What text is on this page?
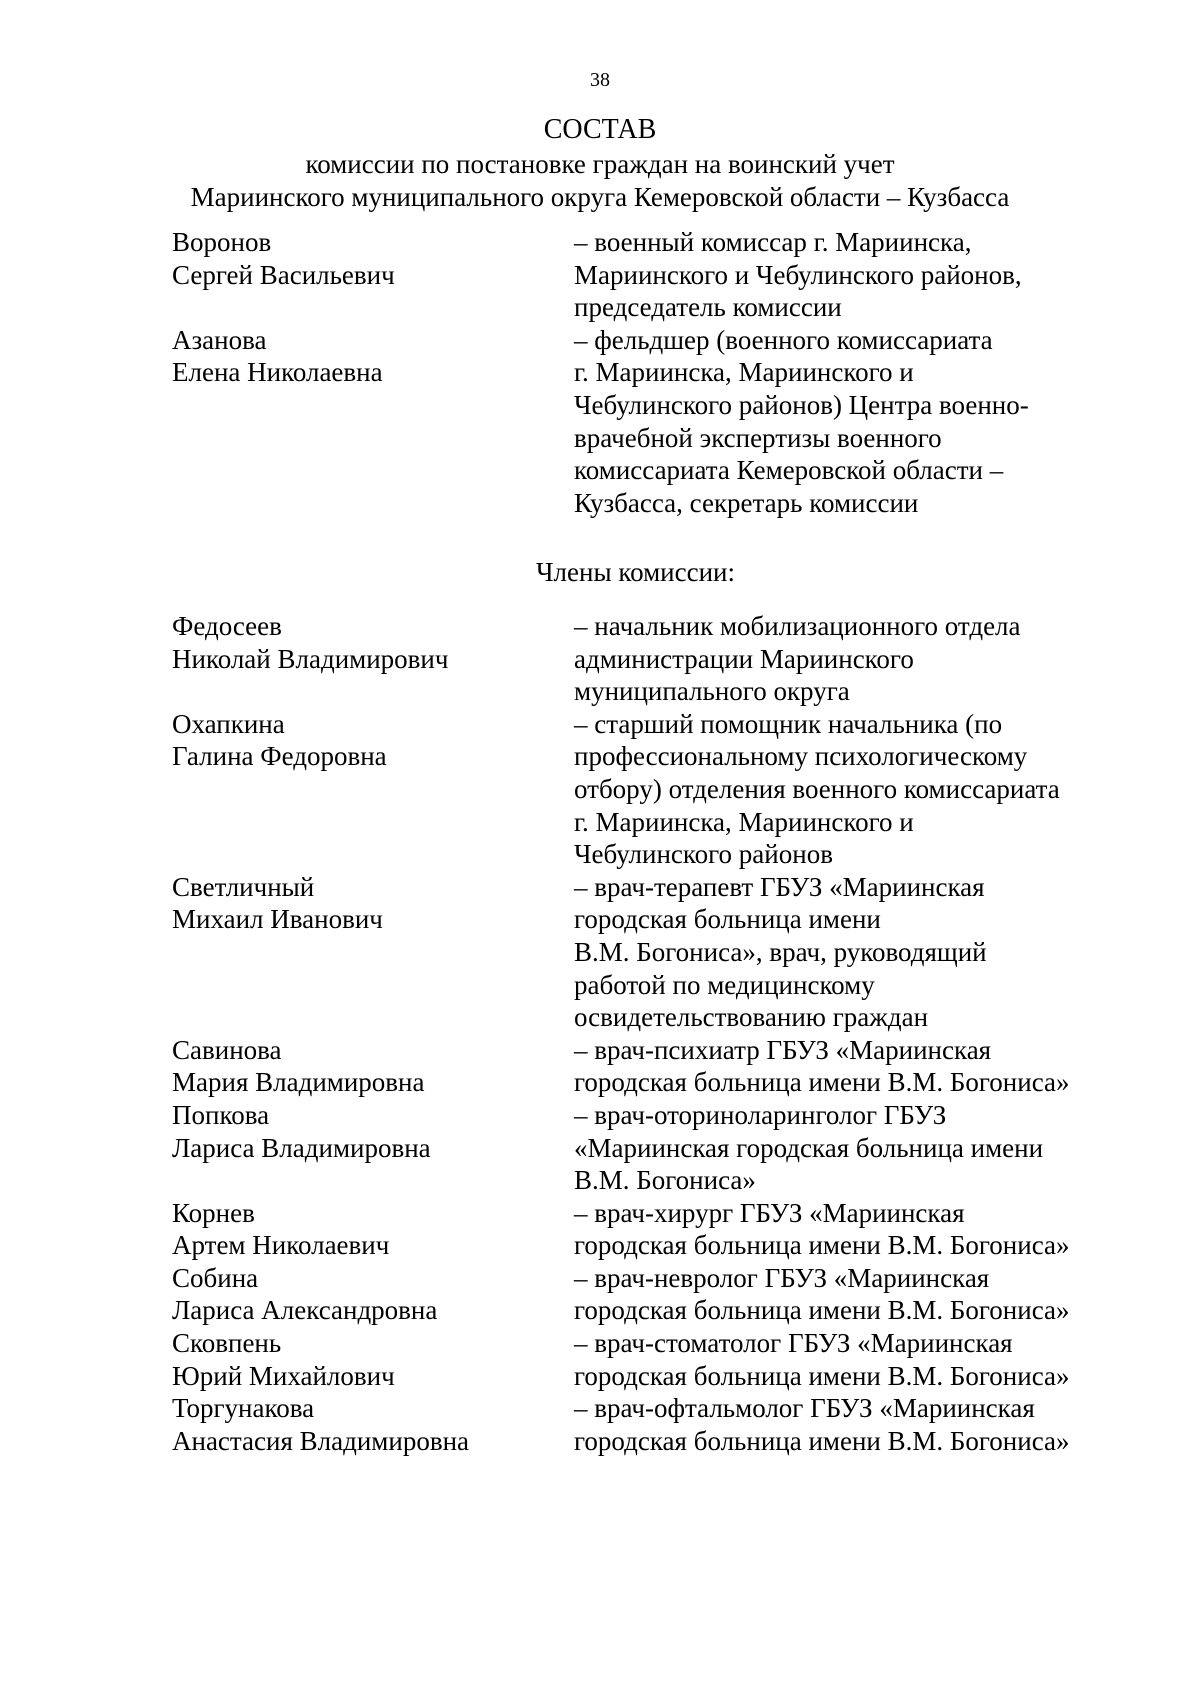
38
СОСТАВ
комиссии по постановке граждан на воинский учет
Мариинского муниципального округа Кемеровской области – Кузбасса
Воронов
Сергей Васильевич
– военный комиссар г. Мариинска,
Мариинского и Чебулинского районов,
председатель комиссии
Азанова
Елена Николаевна
– фельдшер (военного комиссариата
г. Мариинска, Мариинского и
Чебулинского районов) Центра военно-
врачебной экспертизы военного
комиссариата Кемеровской области –
Кузбасса, секретарь комиссии
Члены комиссии:
Федосеев
Николай Владимирович
– начальник мобилизационного отдела
администрации Мариинского
муниципального округа
Охапкина
Галина Федоровна
– старший помощник начальника (по
профессиональному психологическому
отбору) отделения военного комиссариата
г. Мариинска, Мариинского и
Чебулинского районов
Светличный
Михаил Иванович
– врач-терапевт ГБУЗ «Мариинская
городская больница имени
В.М. Богониса», врач, руководящий
работой по медицинскому
освидетельствованию граждан
Савинова
Мария Владимировна
– врач-психиатр ГБУЗ «Мариинская
городская больница имени В.М. Богониса»
Попкова
Лариса Владимировна
– врач-оториноларинголог ГБУЗ
«Мариинская городская больница имени
В.М. Богониса»
Корнев
Артем Николаевич
– врач-хирург ГБУЗ «Мариинская
городская больница имени В.М. Богониса»
Собина
Лариса Александровна
– врач-невролог ГБУЗ «Мариинская
городская больница имени В.М. Богониса»
Сковпень
Юрий Михайлович
– врач-стоматолог ГБУЗ «Мариинская
городская больница имени В.М. Богониса»
Торгунакова
Анастасия Владимировна
– врач-офтальмолог ГБУЗ «Мариинская
городская больница имени В.М. Богониса»
